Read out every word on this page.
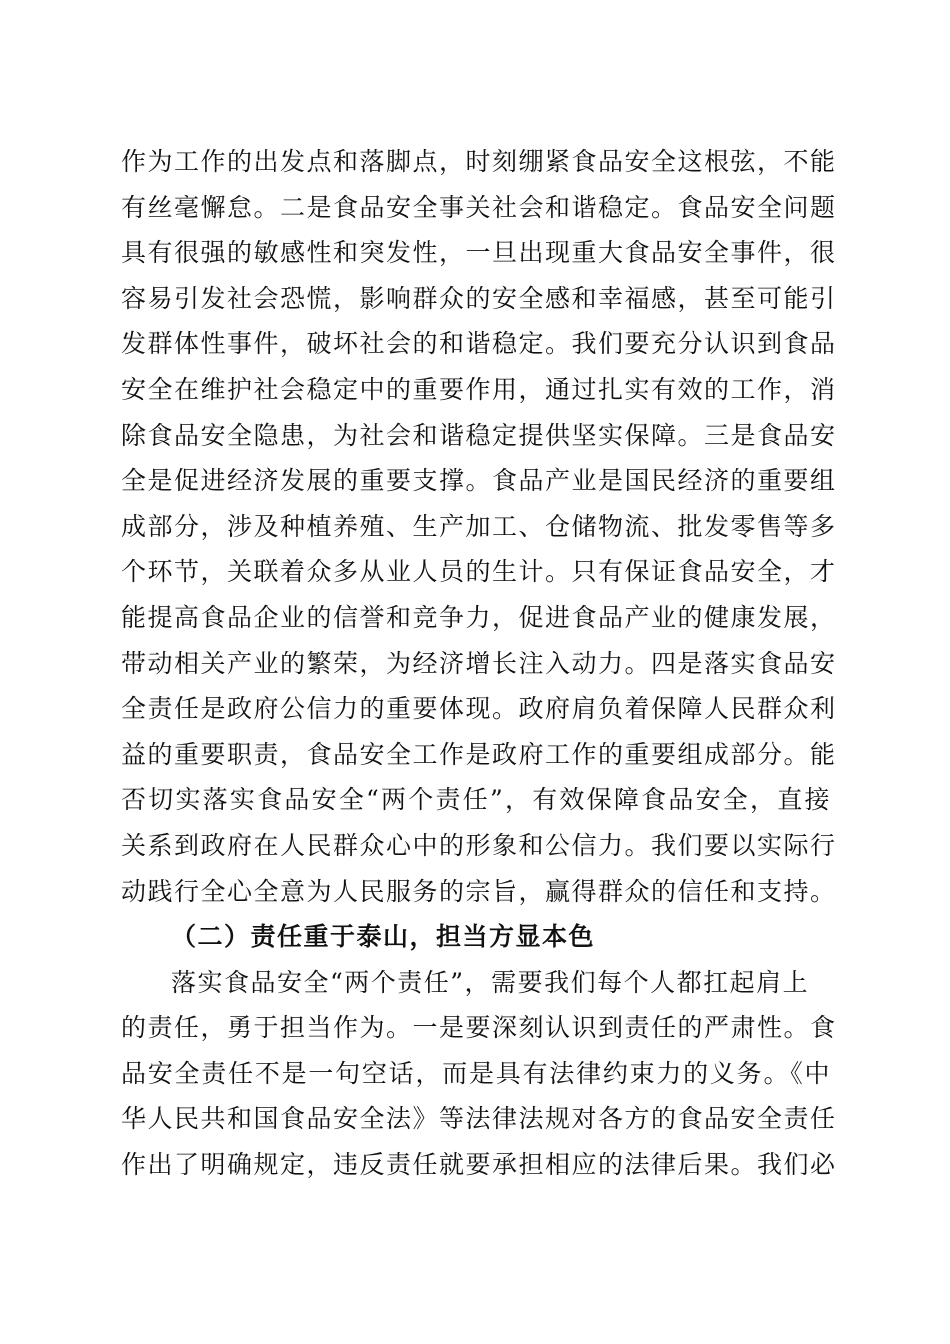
作为工作的出发点和落脚点，时刻绷紧食品安全这根弦，不能
有丝毫懈怠。二是食品安全事关社会和谐稳定。食品安全问题
具有很强的敏感性和突发性，一旦出现重大食品安全事件，很
容易引发社会恐慌，影响群众的安全感和幸福感，甚至可能引
发群体性事件，破坏社会的和谐稳定。我们要充分认识到食品
安全在维护社会稳定中的重要作用，通过扎实有效的工作，消
除食品安全隐患，为社会和谐稳定提供坚实保障。三是食品安
全是促进经济发展的重要支撑。食品产业是国民经济的重要组
成部分，涉及种植养殖、生产加工、仓储物流、批发零售等多
个环节，关联着众多从业人员的生计。只有保证食品安全，才
能提高食品企业的信誉和竞争力，促进食品产业的健康发展，
带动相关产业的繁荣，为经济增长注入动力。四是落实食品安
全责任是政府公信力的重要体现。政府肩负着保障人民群众利
益的重要职责，食品安全工作是政府工作的重要组成部分。能
否切实落实食品安全“两个责任”，有效保障食品安全，直接
关系到政府在人民群众心中的形象和公信力。我们要以实际行
动践行全心全意为人民服务的宗旨，赢得群众的信任和支持。
（二）责任重于泰山，担当方显本色
落实食品安全“两个责任”，需要我们每个人都扛起肩上
的责任，勇于担当作为。一是要深刻认识到责任的严肃性。食
品安全责任不是一句空话，而是具有法律约束力的义务。《中
华人民共和国食品安全法》等法律法规对各方的食品安全责任
作出了明确规定，违反责任就要承担相应的法律后果。我们必
